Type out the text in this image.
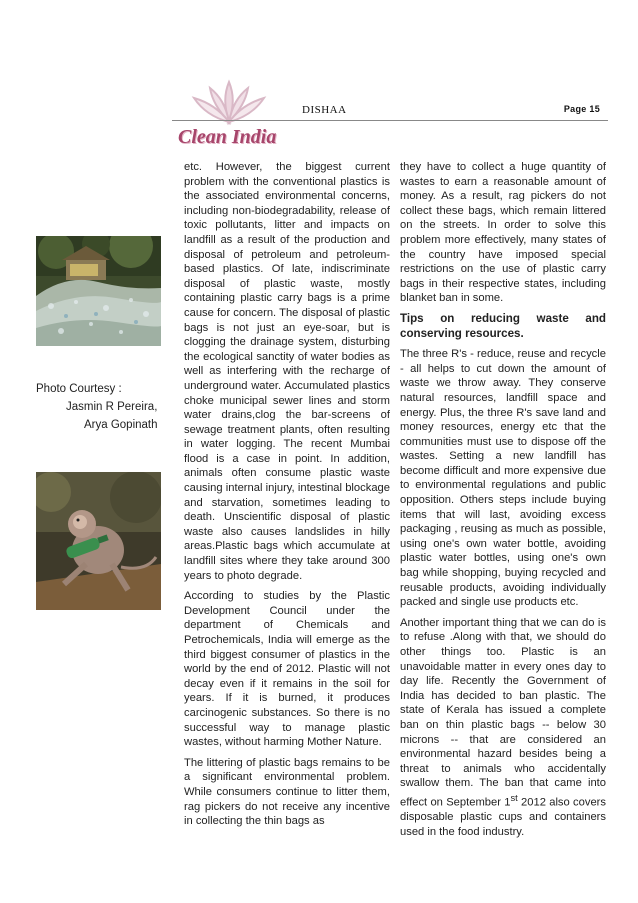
DISHAA	Page 15
Clean India
Photo Courtesy :
Jasmin R Pereira,
Arya Gopinath

etc. However, the biggest current problem with the conventional plastics is the associated environmental concerns, including non-biodegradability, release of toxic pollutants, litter and impacts on landfill as a result of the production and disposal of petroleum and petroleum-based plastics. Of late, indiscriminate disposal of plastic waste, mostly containing plastic carry bags is a prime cause for concern. The disposal of plastic bags is not just an eye-soar, but is clogging the drainage system, disturbing the ecological sanctity of water bodies as well as interfering with the recharge of underground water. Accumulated plastics choke municipal sewer lines and storm water drains,clog the bar-screens of sewage treatment plants, often resulting in water logging. The recent Mumbai flood is a case in point. In addition, animals often consume plastic waste causing internal injury, intestinal blockage and starvation, sometimes leading to death. Unscientific disposal of plastic waste also causes landslides in hilly areas.Plastic bags which accumulate at landfill sites where they take around 300 years to photo degrade.

According to studies by the Plastic Development Council under the department of Chemicals and Petrochemicals, India will emerge as the third biggest consumer of plastics in the world by the end of 2012. Plastic will not decay even if it remains in the soil for years. If it is burned, it produces carcinogenic substances. So there is no successful way to manage plastic wastes, without harming Mother Nature.

The littering of plastic bags remains to be a significant environmental problem. While consumers continue to litter them, rag pickers do not receive any incentive in collecting the thin bags as

they have to collect a huge quantity of wastes to earn a reasonable amount of money. As a result, rag pickers do not collect these bags, which remain littered on the streets. In order to solve this problem more effectively, many states of the country have imposed special restrictions on the use of plastic carry bags in their respective states, including blanket ban in some.

Tips on reducing waste and conserving resources.

The three R's - reduce, reuse and recycle - all helps to cut down the amount of waste we throw away. They conserve natural resources, landfill space and energy. Plus, the three R's save land and money resources, energy etc that the communities must use to dispose off the wastes. Setting a new landfill has become difficult and more expensive due to environmental regulations and public opposition. Others steps include buying items that will last, avoiding excess packaging , reusing as much as possible, using one's own water bottle, avoiding plastic water bottles, using one's own bag while shopping, buying recycled and reusable products, avoiding individually packed and single use products etc.

Another important thing that we can do is to refuse .Along with that, we should do other things too. Plastic is an unavoidable matter in every ones day to day life. Recently the Government of India has decided to ban plastic. The state of Kerala has issued a complete ban on thin plastic bags -- below 30 microns -- that are considered an environmental hazard besides being a threat to animals who accidentally swallow them. The ban that came into effect on September 1st 2012 also covers disposable plastic cups and containers used in the food industry.
